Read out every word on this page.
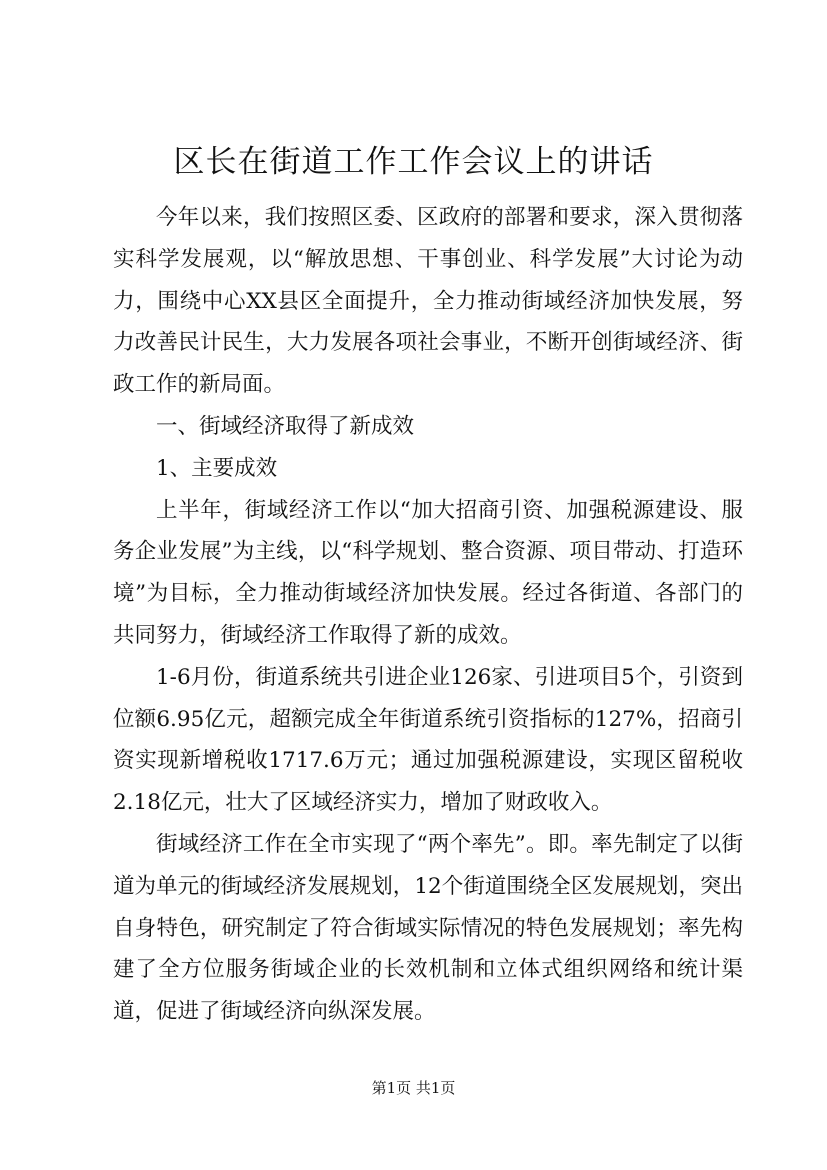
区长在街道工作工作会议上的讲话

今年以来，我们按照区委、区政府的部署和要求，深入贯彻落实科学发展观，以“解放思想、干事创业、科学发展”大讨论为动力，围绕中心XX县区全面提升，全力推动街域经济加快发展，努力改善民计民生，大力发展各项社会事业，不断开创街域经济、街政工作的新局面。

一、街域经济取得了新成效

1、主要成效

上半年，街域经济工作以“加大招商引资、加强税源建设、服务企业发展”为主线，以“科学规划、整合资源、项目带动、打造环境”为目标，全力推动街域经济加快发展。经过各街道、各部门的共同努力，街域经济工作取得了新的成效。

1-6月份，街道系统共引进企业126家、引进项目5个，引资到位额6.95亿元，超额完成全年街道系统引资指标的127%，招商引资实现新增税收1717.6万元；通过加强税源建设，实现区留税收2.18亿元，壮大了区域经济实力，增加了财政收入。

街域经济工作在全市实现了“两个率先”。即。率先制定了以街道为单元的街域经济发展规划，12个街道围绕全区发展规划，突出自身特色，研究制定了符合街域实际情况的特色发展规划；率先构建了全方位服务街域企业的长效机制和立体式组织网络和统计渠道，促进了街域经济向纵深发展。

第1页 共1页
